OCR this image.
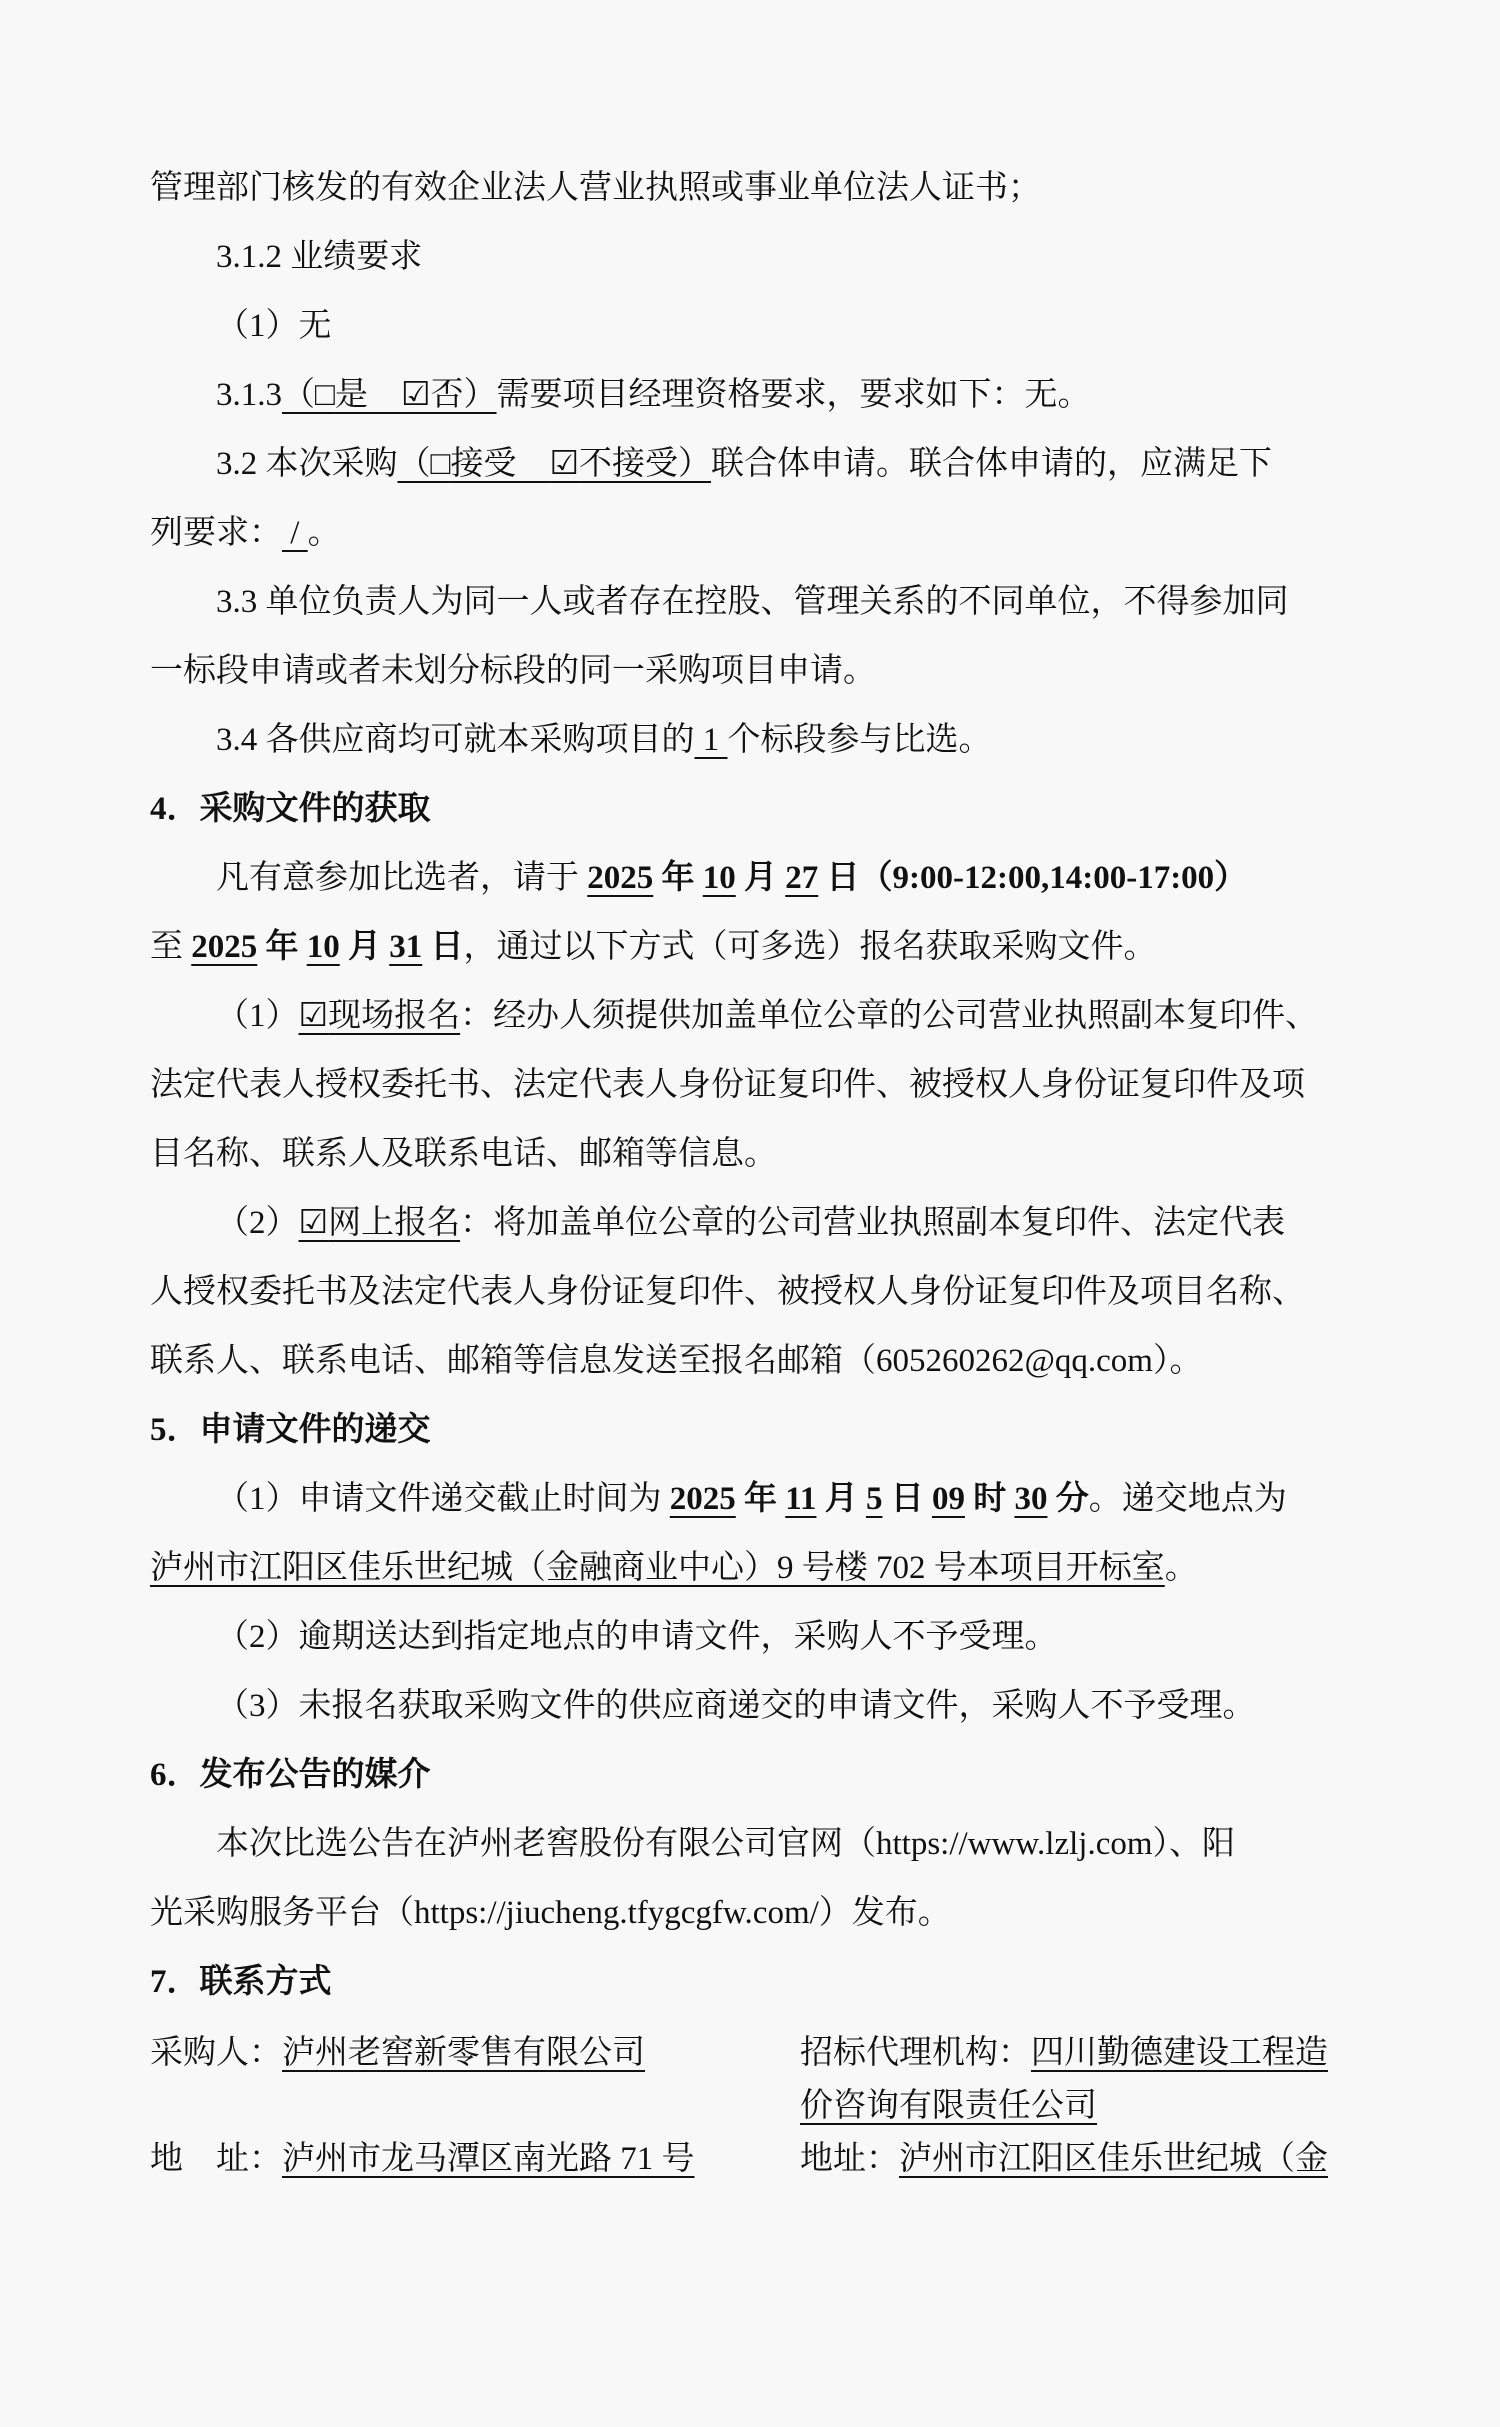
管理部门核发的有效企业法人营业执照或事业单位法人证书；
3.1.2 业绩要求
（1）无
3.1.3（□是　☑否）需要项目经理资格要求，要求如下：无。
3.2 本次采购（□接受　☑不接受）联合体申请。联合体申请的，应满足下
列要求： / 。
3.3 单位负责人为同一人或者存在控股、管理关系的不同单位，不得参加同
一标段申请或者未划分标段的同一采购项目申请。
3.4 各供应商均可就本采购项目的 1 个标段参与比选。
4．采购文件的获取
凡有意参加比选者，请于 2025 年 10 月 27 日（9:00-12:00,14:00-17:00）
至 2025 年 10 月 31 日，通过以下方式（可多选）报名获取采购文件。
（1）☑现场报名：经办人须提供加盖单位公章的公司营业执照副本复印件、
法定代表人授权委托书、法定代表人身份证复印件、被授权人身份证复印件及项
目名称、联系人及联系电话、邮箱等信息。
（2）☑网上报名：将加盖单位公章的公司营业执照副本复印件、法定代表
人授权委托书及法定代表人身份证复印件、被授权人身份证复印件及项目名称、
联系人、联系电话、邮箱等信息发送至报名邮箱（605260262@qq.com）。
5．申请文件的递交
（1）申请文件递交截止时间为 2025 年 11 月 5 日 09 时 30 分。递交地点为
泸州市江阳区佳乐世纪城（金融商业中心）9 号楼 702 号本项目开标室。
（2）逾期送达到指定地点的申请文件，采购人不予受理。
（3）未报名获取采购文件的供应商递交的申请文件，采购人不予受理。
6．发布公告的媒介
本次比选公告在泸州老窖股份有限公司官网（https://www.lzlj.com）、阳
光采购服务平台（https://jiucheng.tfygcgfw.com/）发布。
7．联系方式
采购人：泸州老窖新零售有限公司

地　址：泸州市龙马潭区南光路 71 号
招标代理机构：四川勤德建设工程造
价咨询有限责任公司
地址：泸州市江阳区佳乐世纪城（金
